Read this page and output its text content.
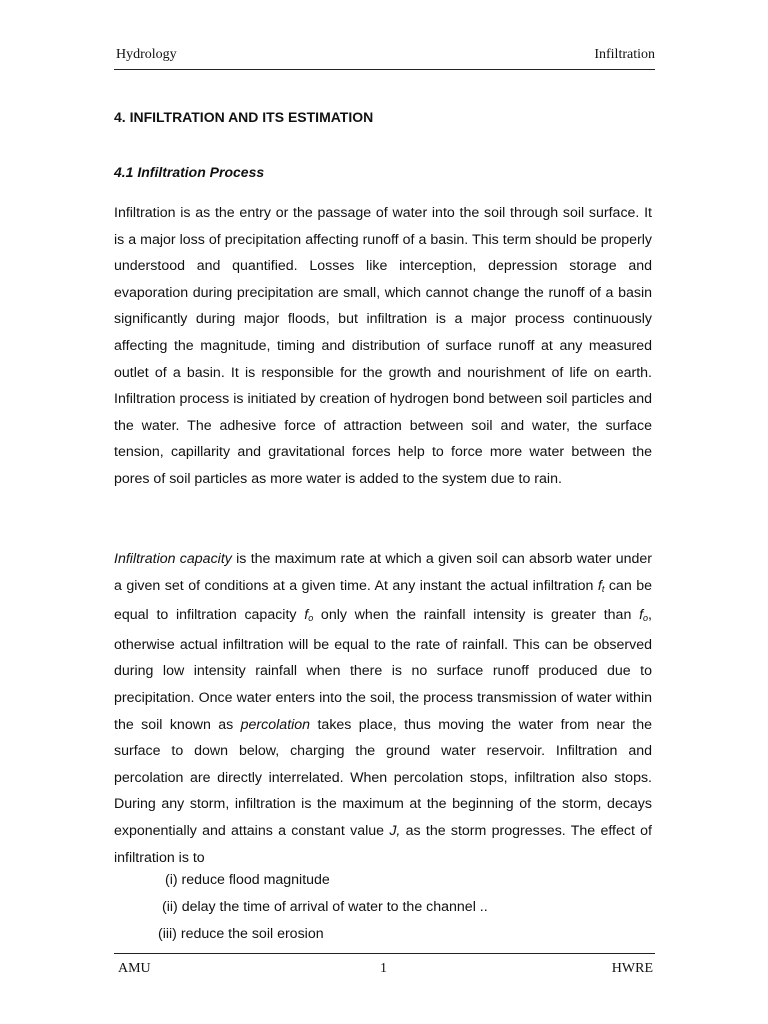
Hydrology	Infiltration
4. INFILTRATION AND ITS ESTIMATION
4.1 Infiltration Process
Infiltration is as the entry or the passage of water into the soil through soil surface. It is a major loss of precipitation affecting runoff of a basin. This term should be properly understood and quantified. Losses like interception, depression storage and evaporation during precipitation are small, which cannot change the runoff of a basin significantly during major floods, but infiltration is a major process continuously affecting the magnitude, timing and distribution of surface runoff at any measured outlet of a basin. It is responsible for the growth and nourishment of life on earth. Infiltration process is initiated by creation of hydrogen bond between soil particles and the water. The adhesive force of attraction between soil and water, the surface tension, capillarity and gravitational forces help to force more water between the pores of soil particles as more water is added to the system due to rain.
Infiltration capacity is the maximum rate at which a given soil can absorb water under a given set of conditions at a given time. At any instant the actual infiltration $f_t$ can be equal to infiltration capacity $f_o$ only when the rainfall intensity is greater than $f_o$, otherwise actual infiltration will be equal to the rate of rainfall. This can be observed during low intensity rainfall when there is no surface runoff produced due to precipitation. Once water enters into the soil, the process transmission of water within the soil known as percolation takes place, thus moving the water from near the surface to down below, charging the ground water reservoir. Infiltration and percolation are directly interrelated. When percolation stops, infiltration also stops. During any storm, infiltration is the maximum at the beginning of the storm, decays exponentially and attains a constant value J, as the storm progresses. The effect of infiltration is to
(i) reduce flood magnitude
(ii) delay the time of arrival of water to the channel ..
(iii) reduce the soil erosion
AMU	1	HWRE
